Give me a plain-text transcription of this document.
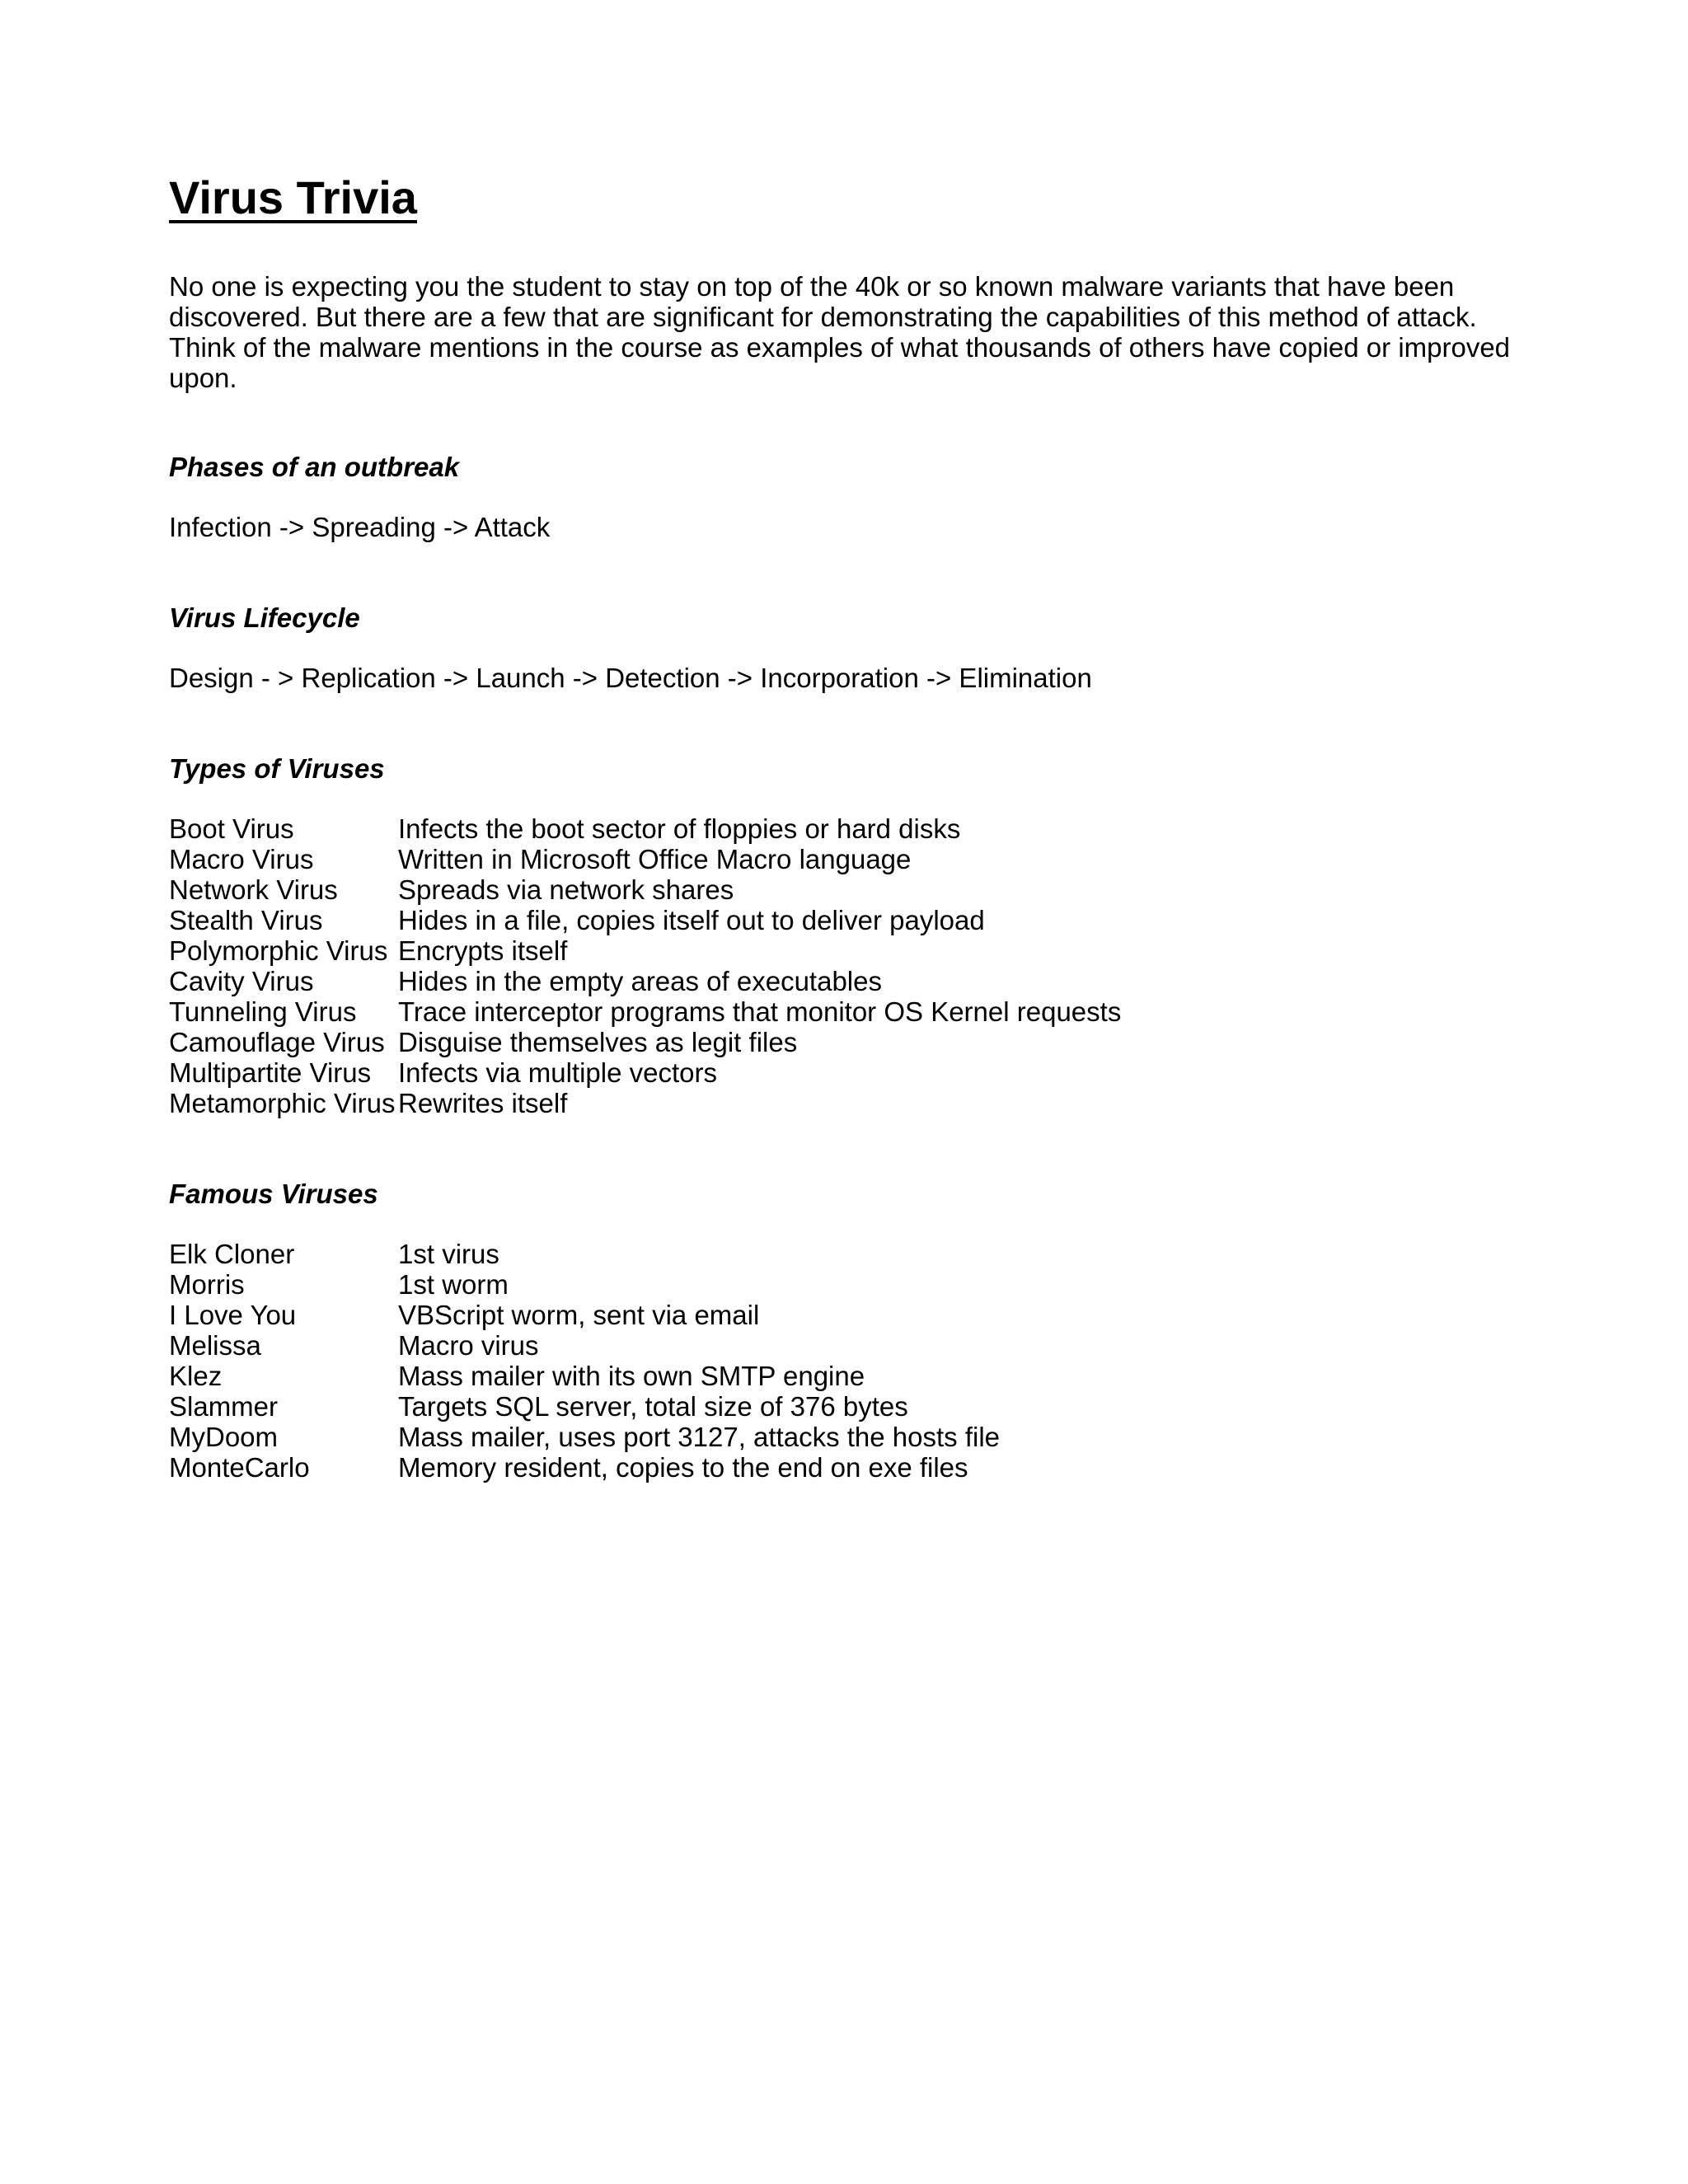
Virus Trivia

No one is expecting you the student to stay on top of the 40k or so known malware variants that have been discovered. But there are a few that are significant for demonstrating the capabilities of this method of attack. Think of the malware mentions in the course as examples of what thousands of others have copied or improved upon.

Phases of an outbreak

Infection -> Spreading -> Attack

Virus Lifecycle

Design - > Replication -> Launch -> Detection -> Incorporation -> Elimination

Types of Viruses
Boot Virus	Infects the boot sector of floppies or hard disks
Macro Virus	Written in Microsoft Office Macro language
Network Virus	Spreads via network shares
Stealth Virus	Hides in a file, copies itself out to deliver payload
Polymorphic Virus Encrypts itself
Cavity Virus	Hides in the empty areas of executables
Tunneling Virus	Trace interceptor programs that monitor OS Kernel requests
Camouflage Virus Disguise themselves as legit files
Multipartite Virus Infects via multiple vectors
Metamorphic Virus Rewrites itself
Famous Viruses
Elk Cloner	1st virus
Morris	1st worm
I Love You	VBScript worm, sent via email
Melissa	Macro virus
Klez	Mass mailer with its own SMTP engine
Slammer	Targets SQL server, total size of 376 bytes
MyDoom	Mass mailer, uses port 3127, attacks the hosts file
MonteCarlo	Memory resident, copies to the end on exe files
